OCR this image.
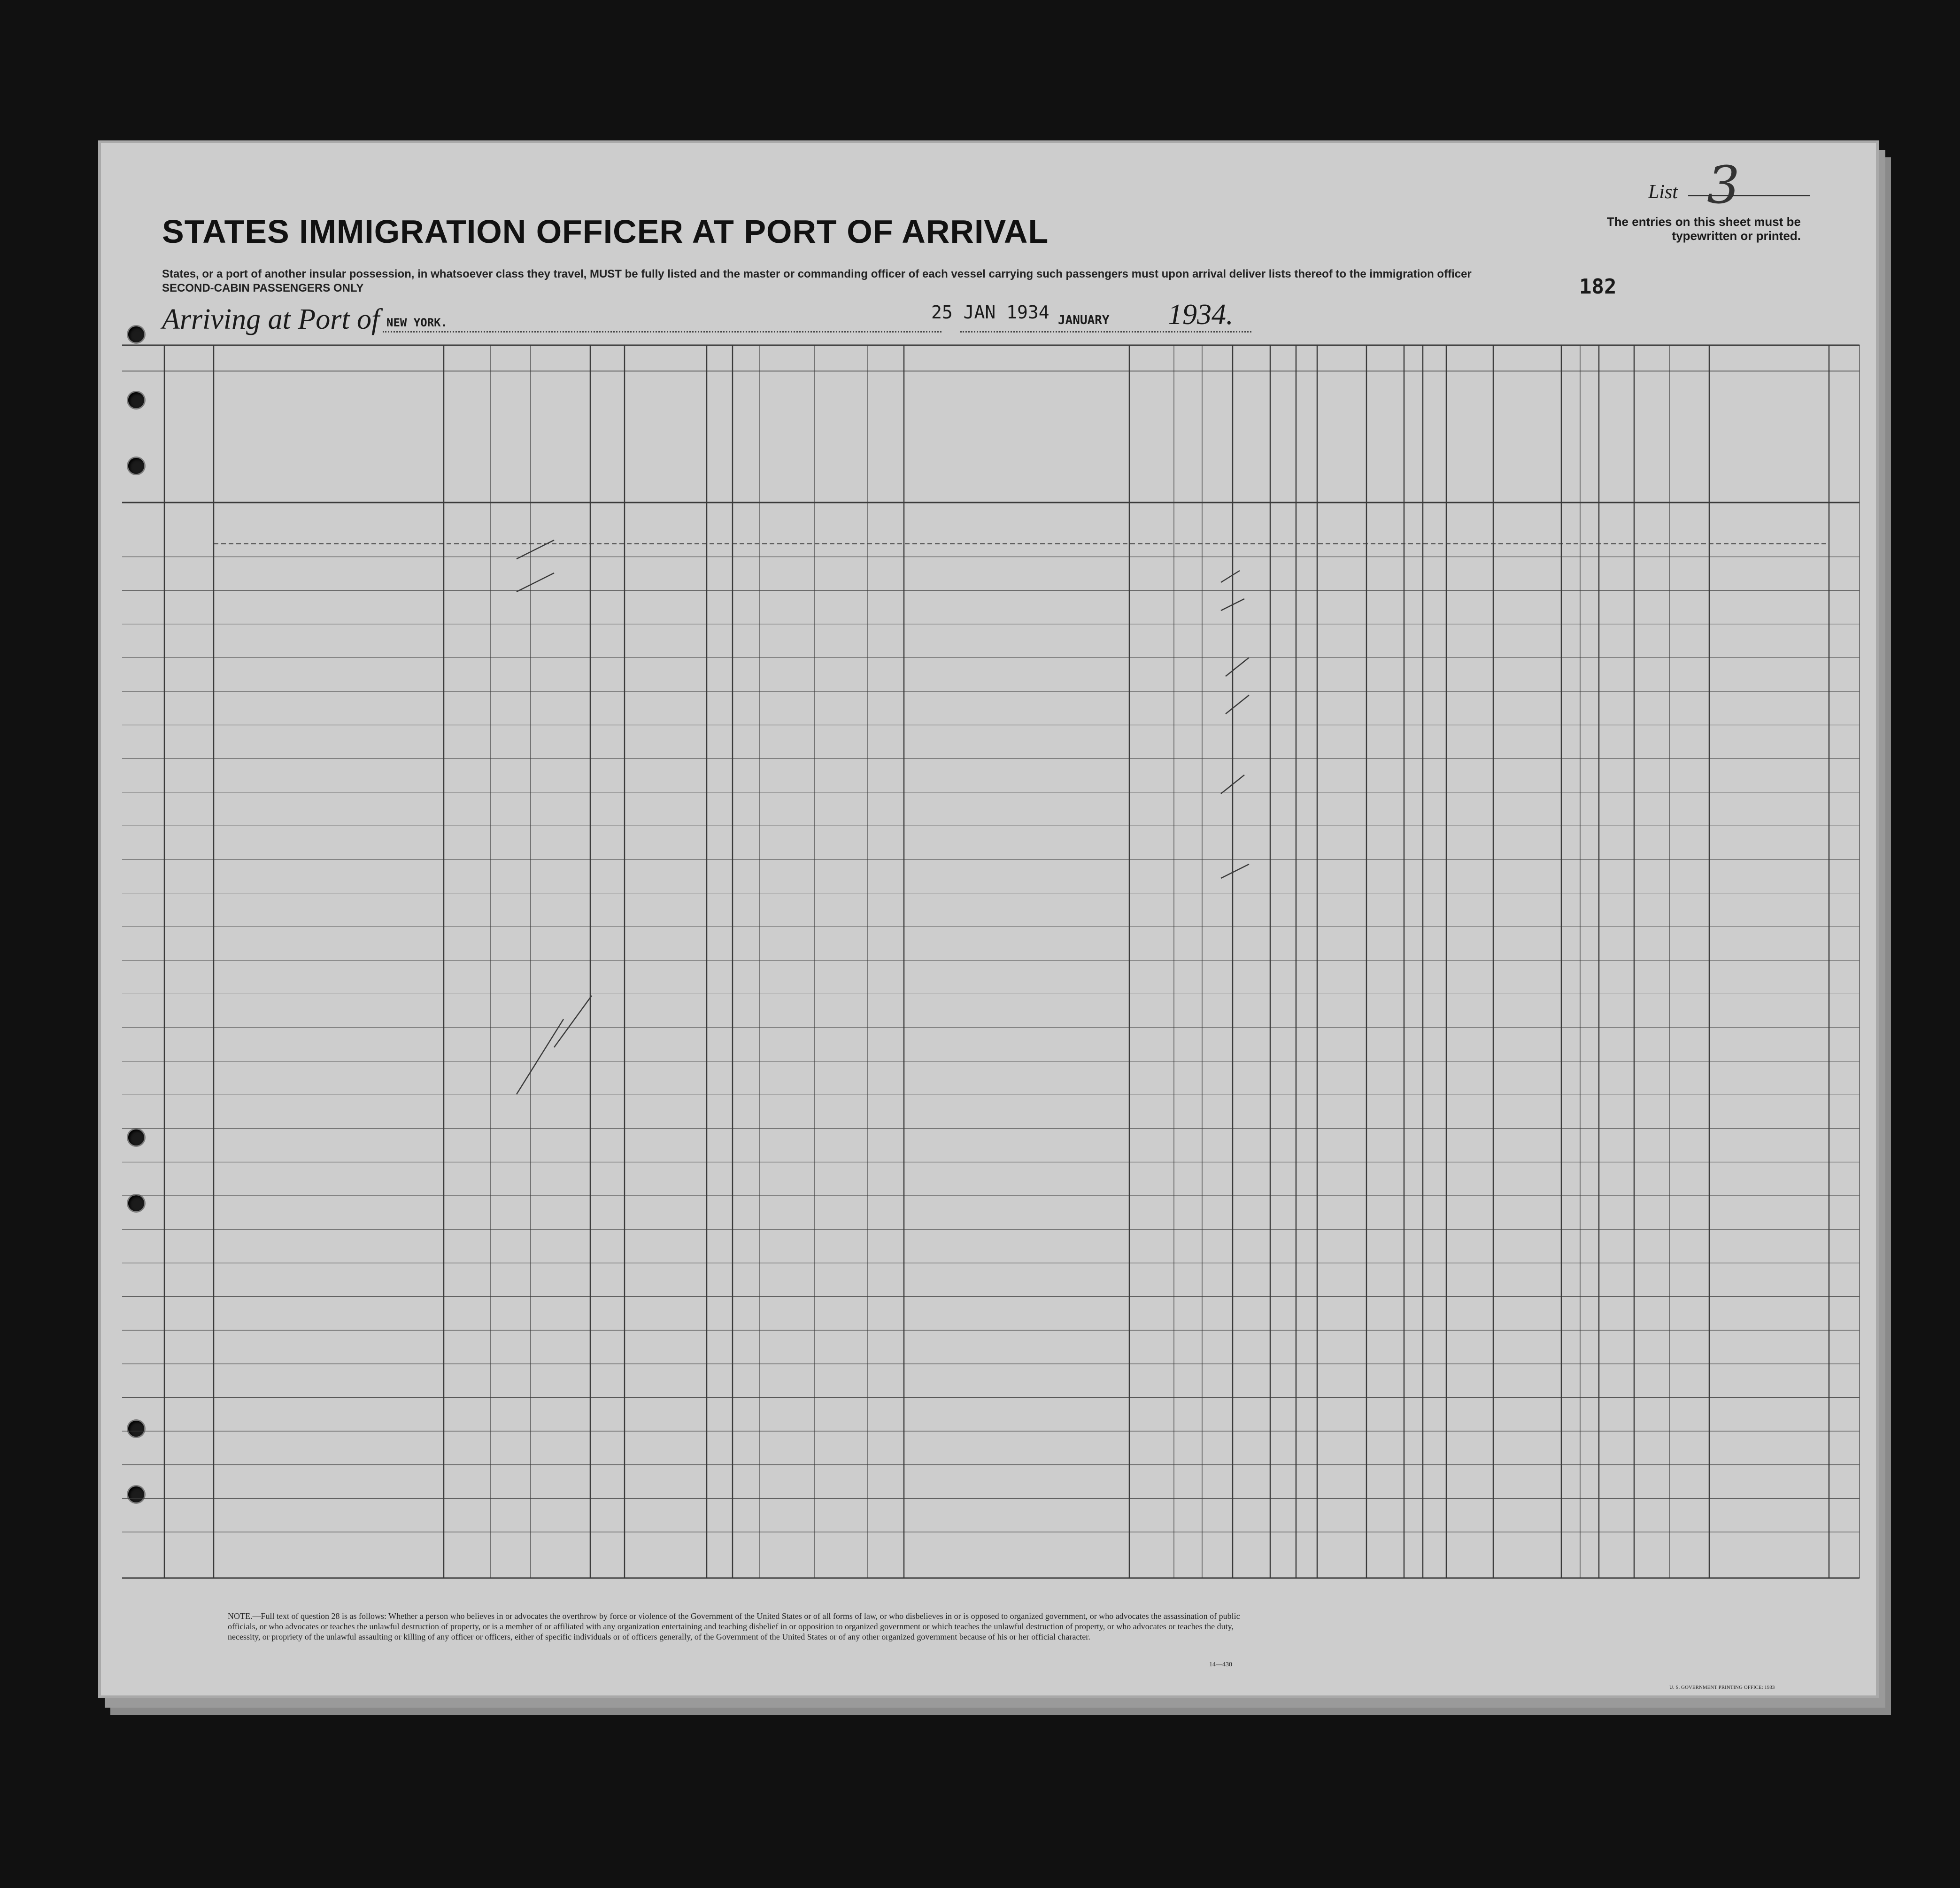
STATES IMMIGRATION OFFICER AT PORT OF ARRIVAL
States, or a port of another insular possession, in whatsoever class they travel, MUST be fully listed and the master or commanding officer of each vessel carrying such passengers must upon arrival deliver lists thereof to the immigration officer
SECOND-CABIN PASSENGERS ONLY
List 3
The entries on this sheet must be typewritten or printed.
182
Arriving at Port of NEW YORK.	25 JAN 1934 JANUARY 1934.
NOTE.—Full text of question 28 is as follows: Whether a person who believes in or advocates the overthrow by force or violence of the Government of the United States or of all forms of law, or who disbelieves in or is opposed to organized government, or who advocates the assassination of public officials, or who advocates or teaches the unlawful destruction of property, or is a member of or affiliated with any organization entertaining and teaching disbelief in or opposition to organized government or which teaches the unlawful destruction of property, or who advocates or teaches the duty, necessity, or propriety of the unlawful assaulting or killing of any officer or officers, either of specific individuals or of officers generally, of the Government of the United States or of any other organized government because of his or her official character.
14—430
U. S. GOVERNMENT PRINTING OFFICE: 1933
